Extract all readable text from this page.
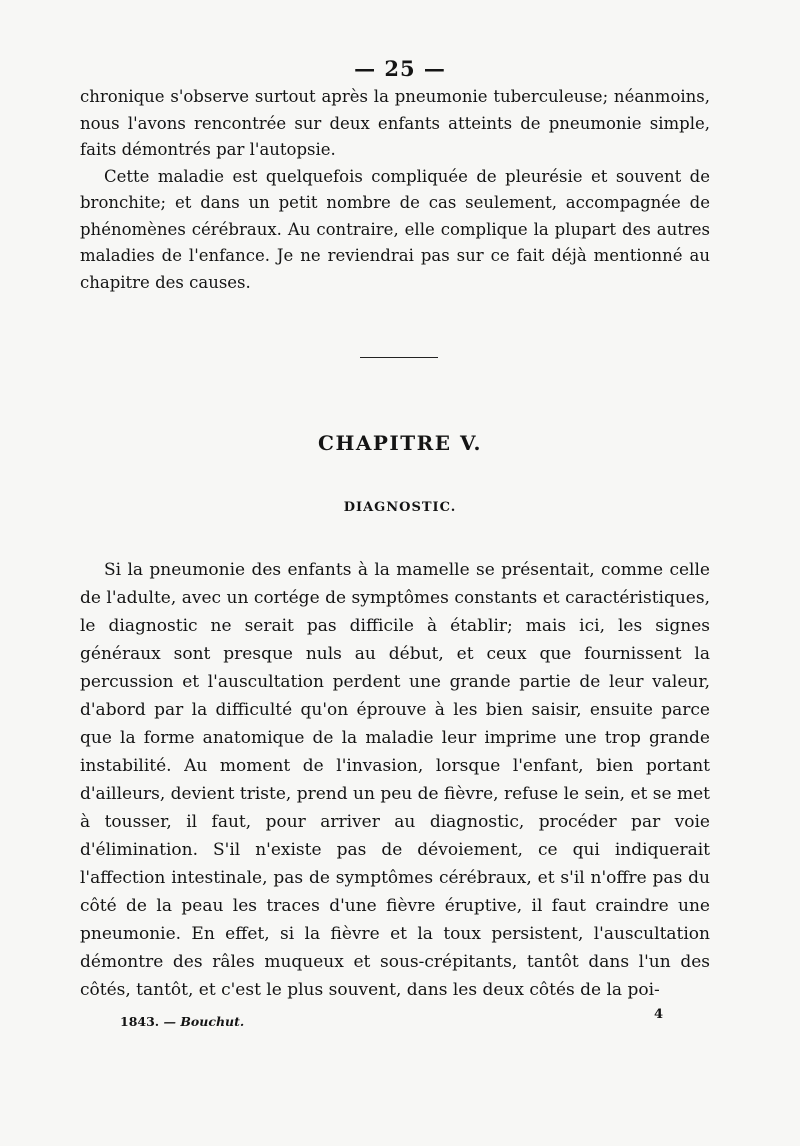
— 25 —

chronique s'observe surtout après la pneumonie tuberculeuse; néanmoins, nous l'avons rencontrée sur deux enfants atteints de pneumonie simple, faits démontrés par l'autopsie.

Cette maladie est quelquefois compliquée de pleurésie et souvent de bronchite; et dans un petit nombre de cas seulement, accompagnée de phénomènes cérébraux. Au contraire, elle complique la plupart des autres maladies de l'enfance. Je ne reviendrai pas sur ce fait déjà mentionné au chapitre des causes.

CHAPITRE V.
DIAGNOSTIC.

Si la pneumonie des enfants à la mamelle se présentait, comme celle de l'adulte, avec un cortége de symptômes constants et caractéristiques, le diagnostic ne serait pas difficile à établir; mais ici, les signes généraux sont presque nuls au début, et ceux que fournissent la percussion et l'auscultation perdent une grande partie de leur valeur, d'abord par la difficulté qu'on éprouve à les bien saisir, ensuite parce que la forme anatomique de la maladie leur imprime une trop grande instabilité. Au moment de l'invasion, lorsque l'enfant, bien portant d'ailleurs, devient triste, prend un peu de fièvre, refuse le sein, et se met à tousser, il faut, pour arriver au diagnostic, procéder par voie d'élimination. S'il n'existe pas de dévoiement, ce qui indiquerait l'affection intestinale, pas de symptômes cérébraux, et s'il n'offre pas du côté de la peau les traces d'une fièvre éruptive, il faut craindre une pneumonie. En effet, si la fièvre et la toux persistent, l'auscultation démontre des râles muqueux et sous-crépitants, tantôt dans l'un des côtés, tantôt, et c'est le plus souvent, dans les deux côtés de la poi-

1843. — Bouchut.	4
